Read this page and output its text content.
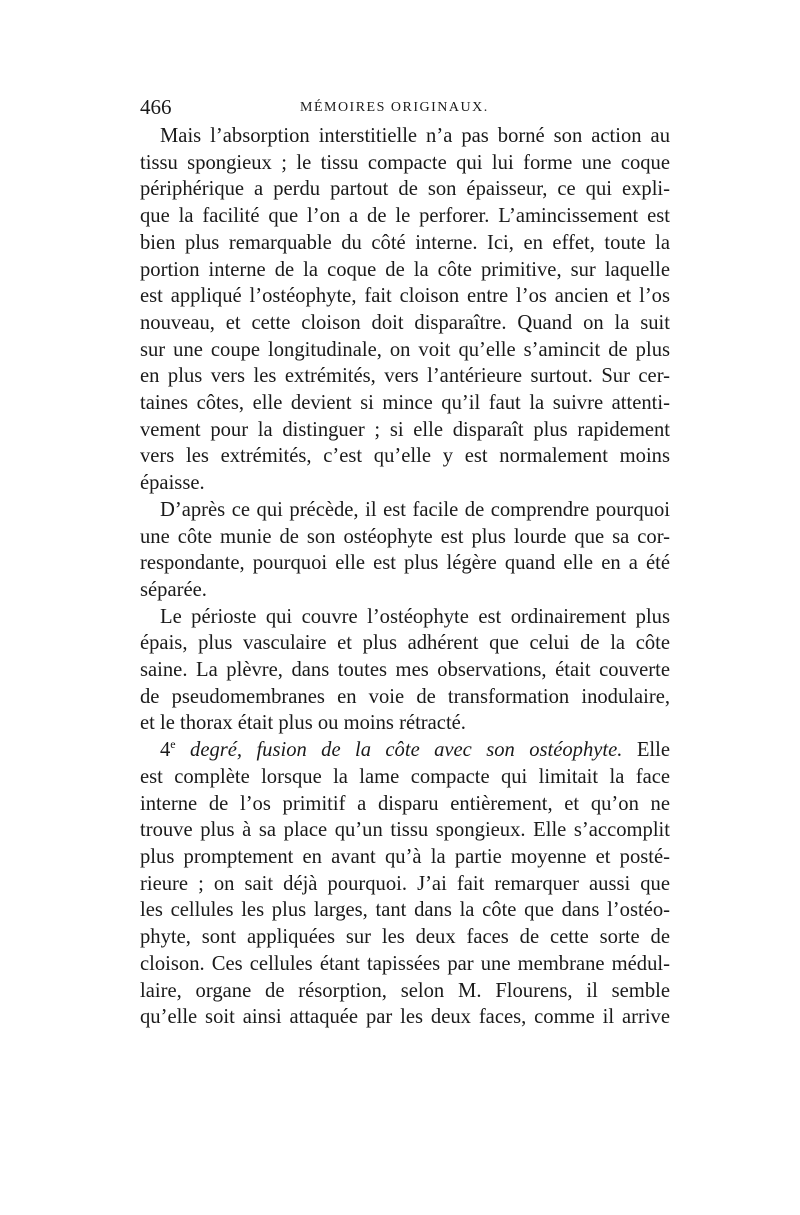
466	MÉMOIRES ORIGINAUX.
Mais l’absorption interstitielle n’a pas borné son action au
tissu spongieux ; le tissu compacte qui lui forme une coque
périphérique a perdu partout de son épaisseur, ce qui expli-
que la facilité que l’on a de le perforer. L’amincissement est
bien plus remarquable du côté interne. Ici, en effet, toute la
portion interne de la coque de la côte primitive, sur laquelle
est appliqué l’ostéophyte, fait cloison entre l’os ancien et l’os
nouveau, et cette cloison doit disparaître. Quand on la suit
sur une coupe longitudinale, on voit qu’elle s’amincit de plus
en plus vers les extrémités, vers l’antérieure surtout. Sur cer-
taines côtes, elle devient si mince qu’il faut la suivre attenti-
vement pour la distinguer ; si elle disparaît plus rapidement
vers les extrémités, c’est qu’elle y est normalement moins
épaisse.
D’après ce qui précède, il est facile de comprendre pourquoi
une côte munie de son ostéophyte est plus lourde que sa cor-
respondante, pourquoi elle est plus légère quand elle en a été
séparée.
Le périoste qui couvre l’ostéophyte est ordinairement plus
épais, plus vasculaire et plus adhérent que celui de la côte
saine. La plèvre, dans toutes mes observations, était couverte
de pseudomembranes en voie de transformation inodulaire,
et le thorax était plus ou moins rétracté.
4e degré, fusion de la côte avec son ostéophyte. Elle
est complète lorsque la lame compacte qui limitait la face
interne de l’os primitif a disparu entièrement, et qu’on ne
trouve plus à sa place qu’un tissu spongieux. Elle s’accomplit
plus promptement en avant qu’à la partie moyenne et posté-
rieure ; on sait déjà pourquoi. J’ai fait remarquer aussi que
les cellules les plus larges, tant dans la côte que dans l’ostéo-
phyte, sont appliquées sur les deux faces de cette sorte de
cloison. Ces cellules étant tapissées par une membrane médul-
laire, organe de résorption, selon M. Flourens, il semble
qu’elle soit ainsi attaquée par les deux faces, comme il arrive
